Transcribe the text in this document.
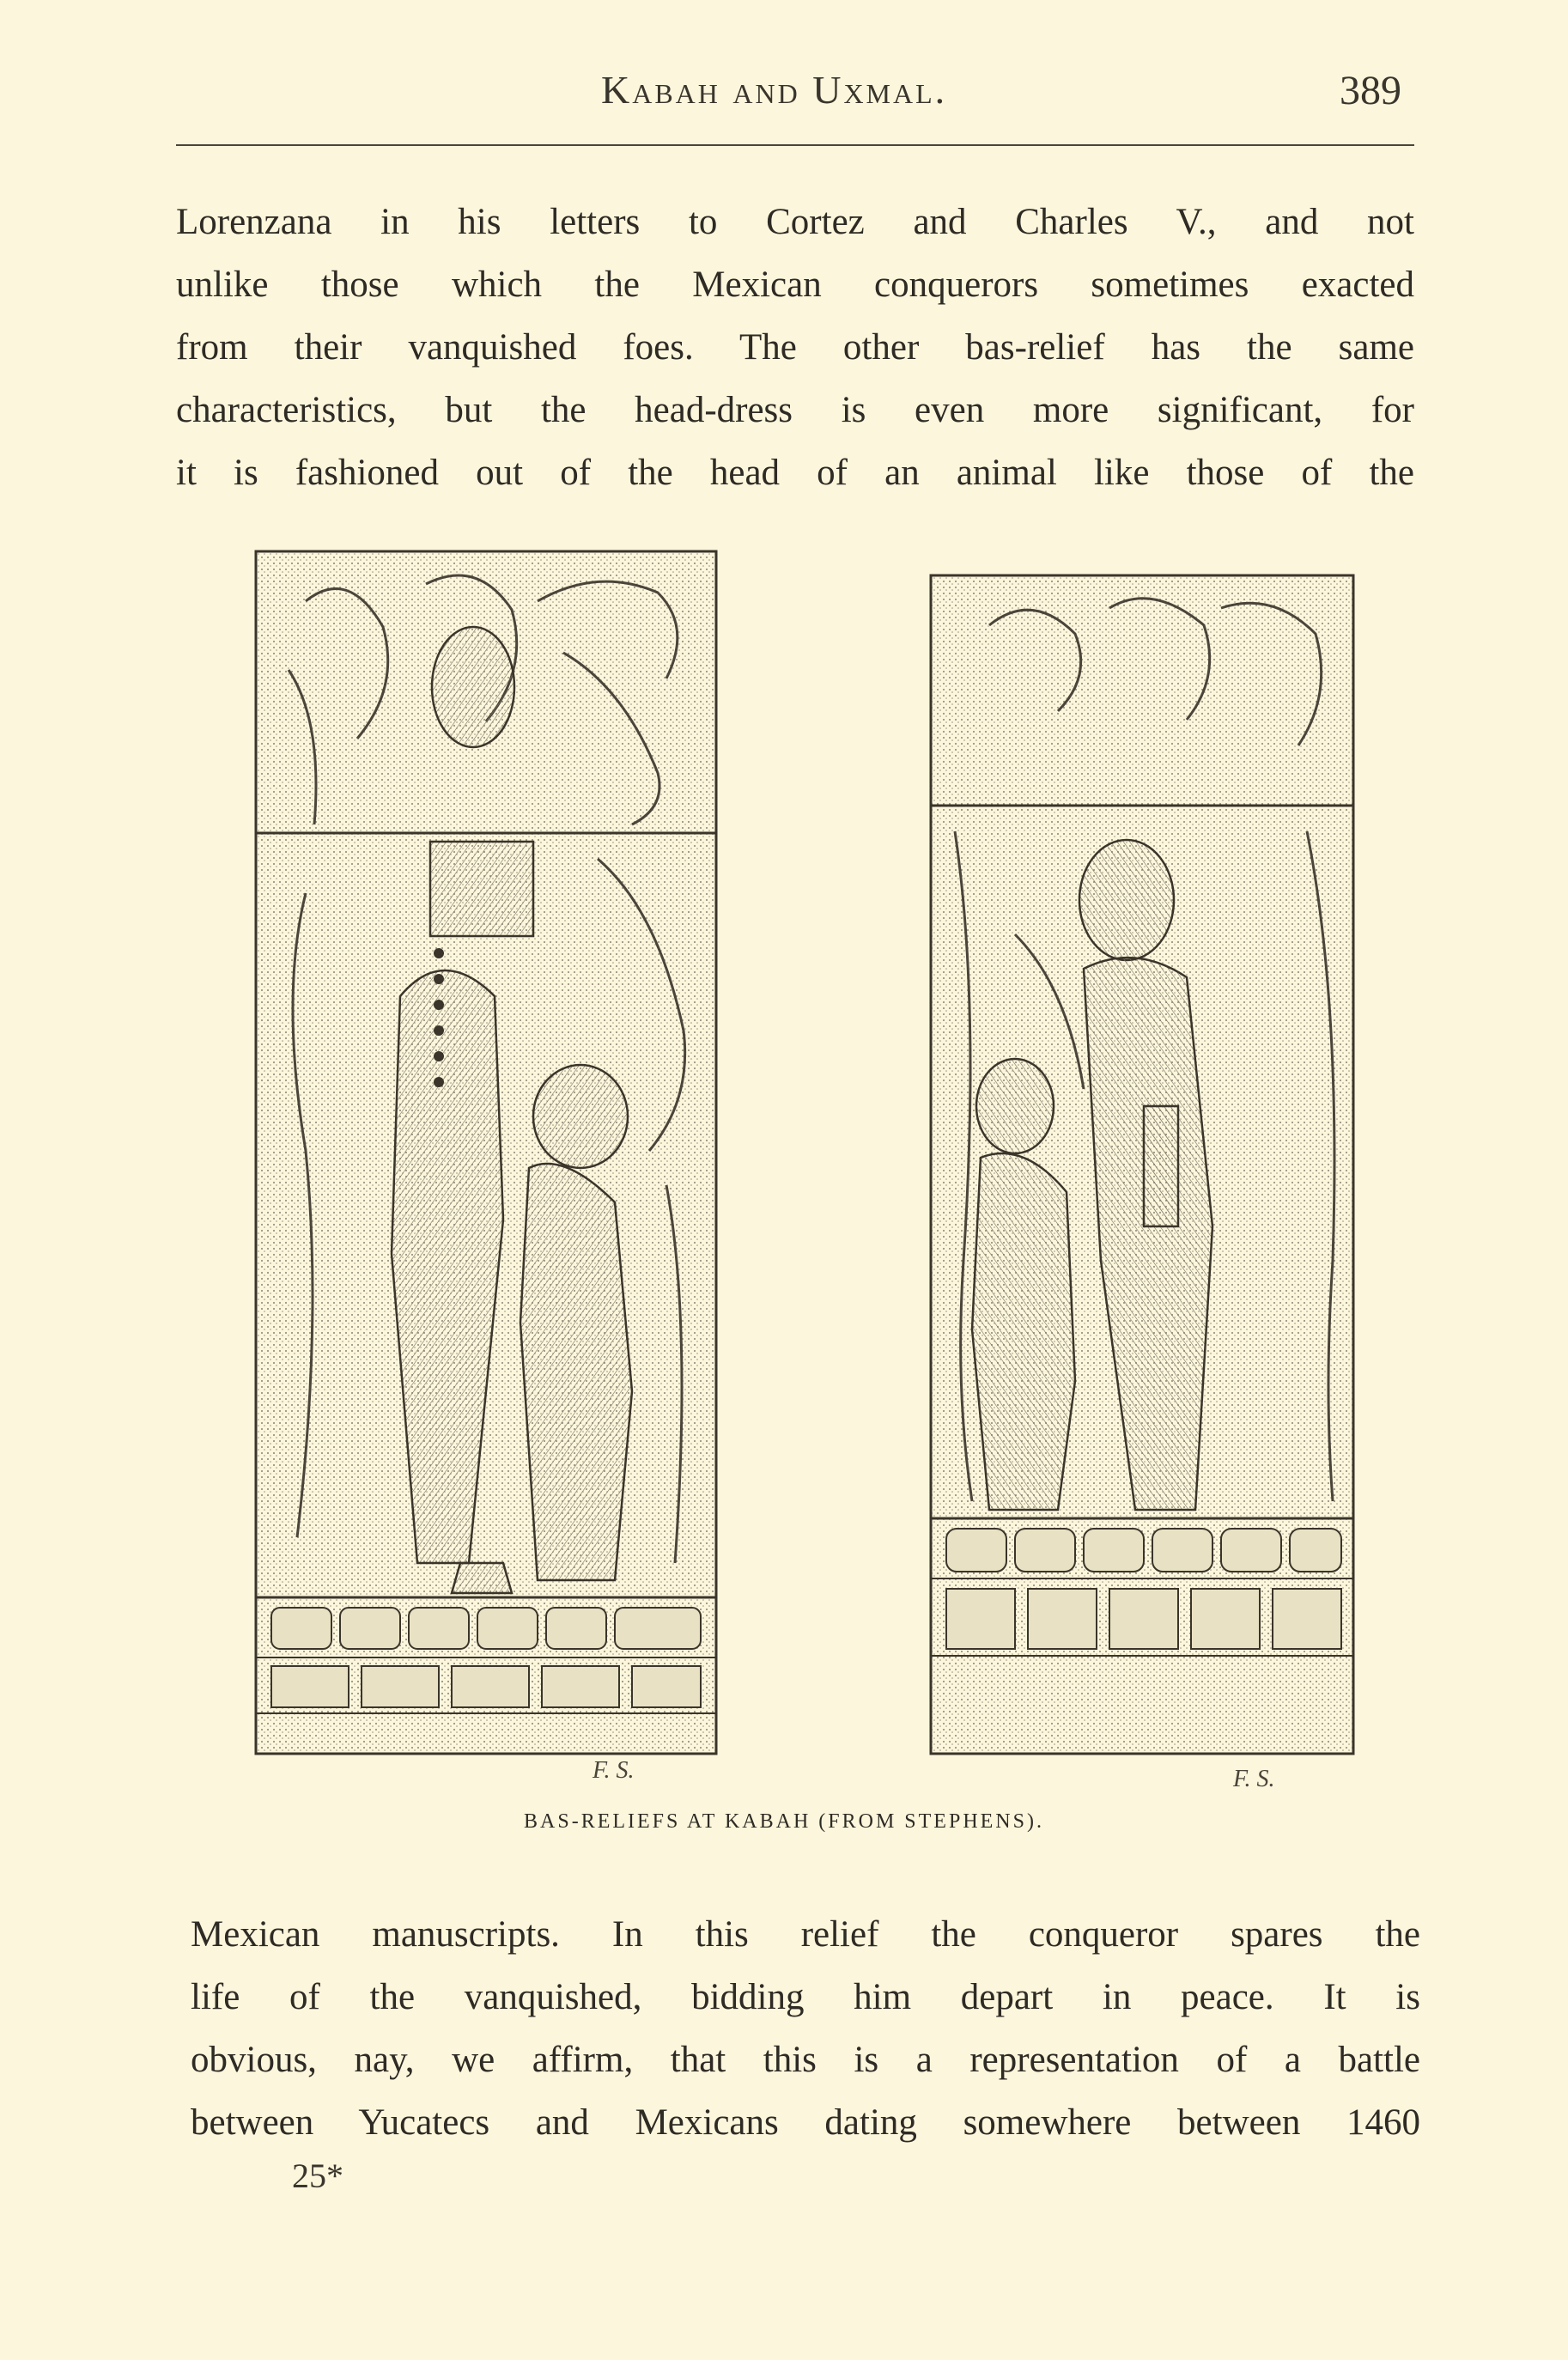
Kabah and Uxmal.	389
Lorenzana in his letters to Cortez and Charles V., and not
unlike those which the Mexican conquerors sometimes exacted
from their vanquished foes. The other bas-relief has the same
characteristics, but the head-dress is even more significant, for
it is fashioned out of the head of an animal like those of the
F. S.	F. S.
BAS-RELIEFS AT KABAH (FROM STEPHENS).
Mexican manuscripts. In this relief the conqueror spares the
life of the vanquished, bidding him depart in peace. It is
obvious, nay, we affirm, that this is a representation of a battle
between Yucatecs and Mexicans dating somewhere between 1460
25*
